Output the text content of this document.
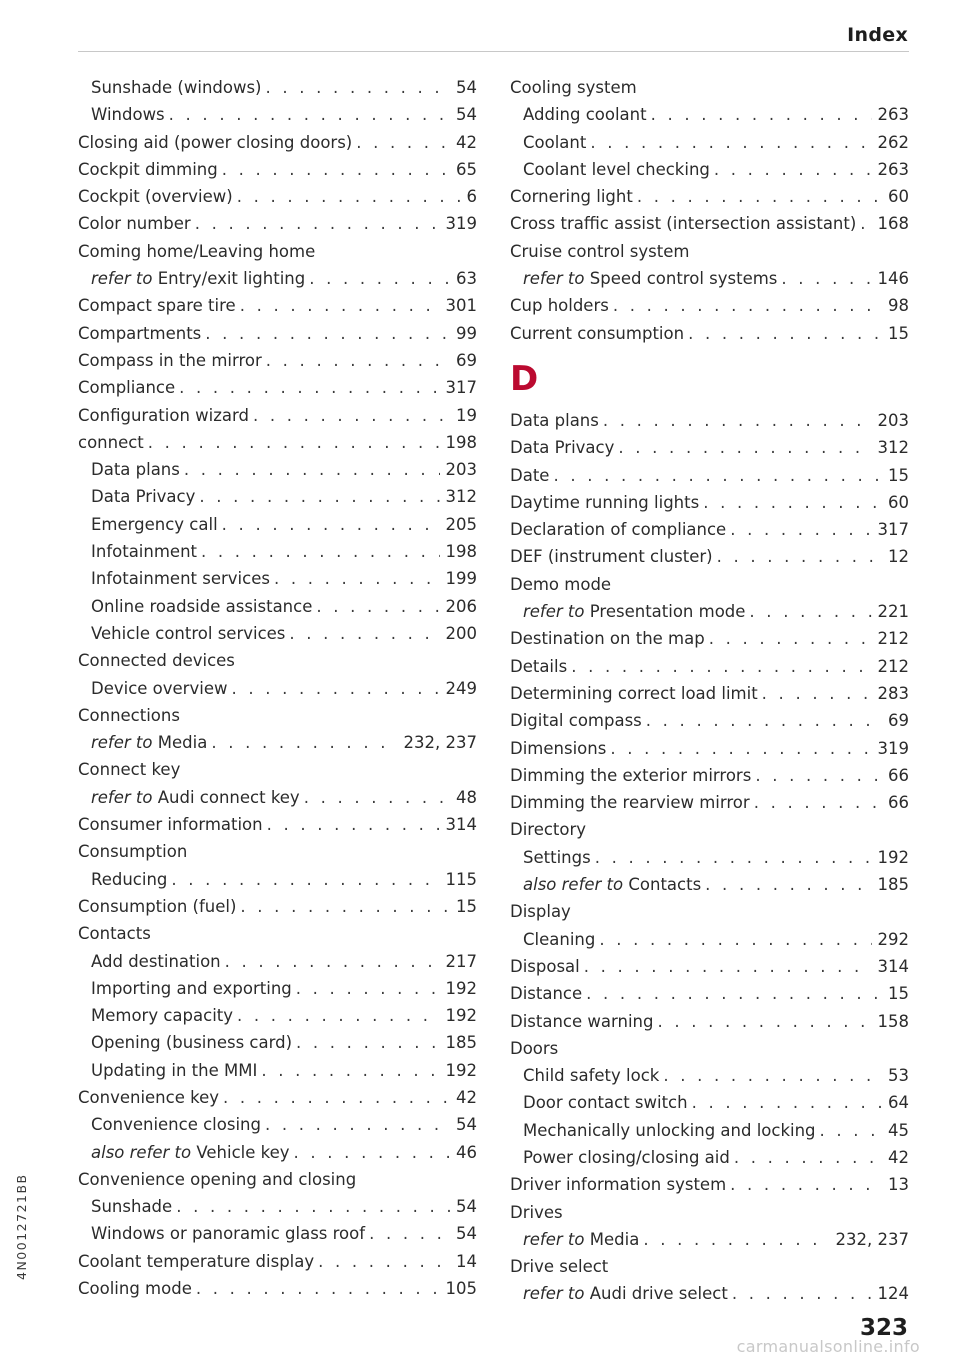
Index
Sunshade (windows) . . .	54
Windows . . .	54
Closing aid (power closing doors) . . .	42
Cockpit dimming . . .	65
Cockpit (overview) . . .	6
Color number . . .	319
Coming home/Leaving home
refer to Entry/exit lighting . . .	63
Compact spare tire . . .	301
Compartments . . .	99
Compass in the mirror . . .	69
Compliance . . .	317
Configuration wizard . . .	19
connect . . .	198
Data plans . . .	203
Data Privacy . . .	312
Emergency call . . .	205
Infotainment . . .	198
Infotainment services . . .	199
Online roadside assistance . . .	206
Vehicle control services . . .	200
Connected devices
Device overview . . .	249
Connections
refer to Media . . .	232, 237
Connect key
refer to Audi connect key . . .	48
Consumer information . . .	314
Consumption
Reducing . . .	115
Consumption (fuel) . . .	15
Contacts
Add destination . . .	217
Importing and exporting . . .	192
Memory capacity . . .	192
Opening (business card) . . .	185
Updating in the MMI . . .	192
Convenience key . . .	42
Convenience closing . . .	54
also refer to Vehicle key . . .	46
Convenience opening and closing
Sunshade . . .	54
Windows or panoramic glass roof . . .	54
Coolant temperature display . . .	14
Cooling mode . . .	105
Cooling system
Adding coolant . . .	263
Coolant . . .	262
Coolant level checking . . .	263
Cornering light . . .	60
Cross traffic assist (intersection assistant) . . . 168
Cruise control system
refer to Speed control systems . . .	146
Cup holders . . .	98
Current consumption . . .	15
D
Data plans . . .	203
Data Privacy . . .	312
Date . . .	15
Daytime running lights . . .	60
Declaration of compliance . . .	317
DEF (instrument cluster) . . .	12
Demo mode
refer to Presentation mode . . .	221
Destination on the map . . .	212
Details . . .	212
Determining correct load limit . . .	283
Digital compass . . .	69
Dimensions . . .	319
Dimming the exterior mirrors . . .	66
Dimming the rearview mirror . . .	66
Directory
Settings . . .	192
also refer to Contacts . . .	185
Display
Cleaning . . .	292
Disposal . . .	314
Distance . . .	15
Distance warning . . .	158
Doors
Child safety lock . . .	53
Door contact switch . . .	64
Mechanically unlocking and locking . . .	45
Power closing/closing aid . . .	42
Driver information system . . .	13
Drives
refer to Media . . .	232, 237
Drive select
refer to Audi drive select . . .	124
4N0012721BB
323
carmanualsonline.info
